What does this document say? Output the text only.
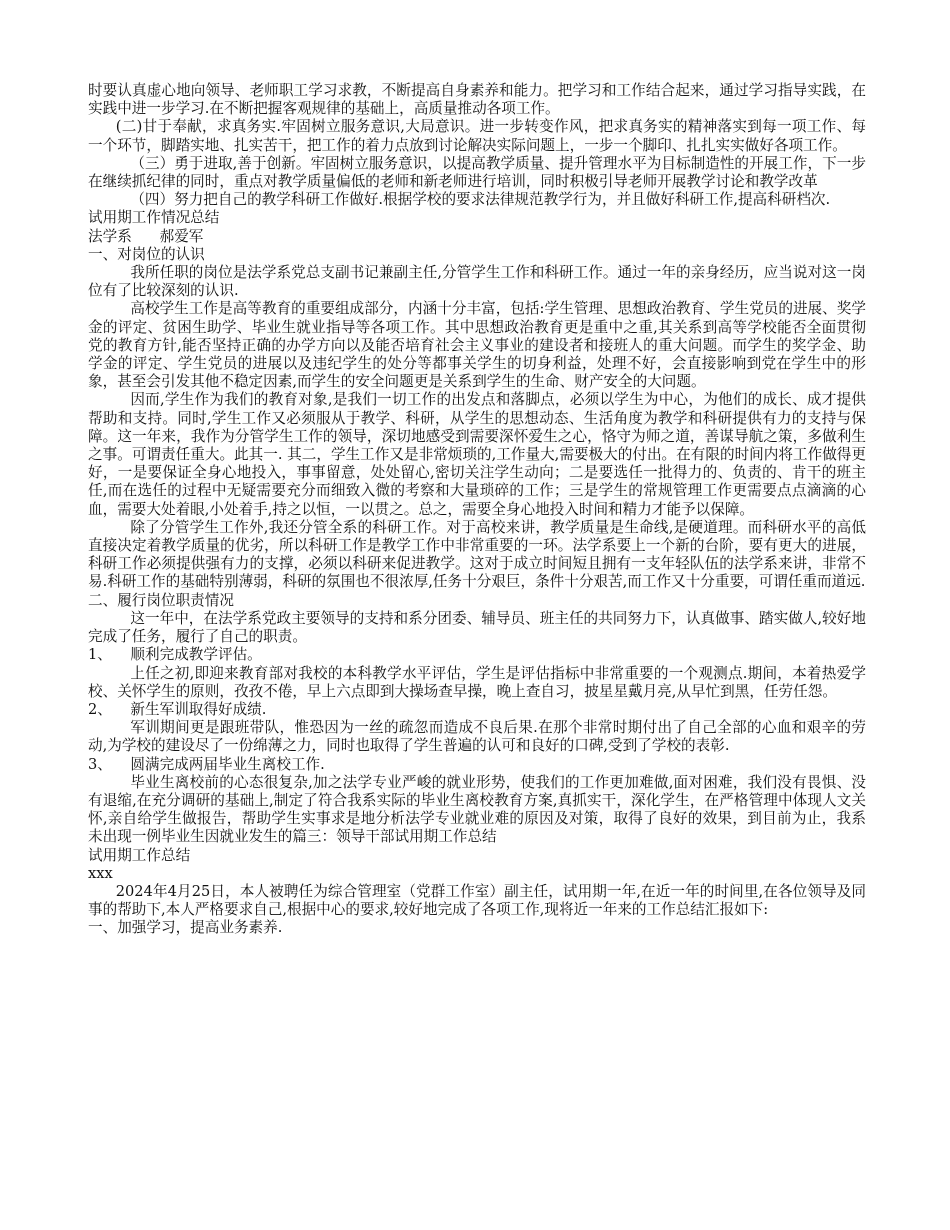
时要认真虚心地向领导、老师职工学习求教，不断提高自身素养和能力。把学习和工作结合起来，通过学习指导实践，在实践中进一步学习.在不断把握客观规律的基础上，高质量推动各项工作。

(二)甘于奉献，求真务实.牢固树立服务意识,大局意识。进一步转变作风，把求真务实的精神落实到每一项工作、每一个环节，脚踏实地、扎实苦干，把工作的着力点放到讨论解决实际问题上，一步一个脚印、扎扎实实做好各项工作。

（三）勇于进取,善于创新。牢固树立服务意识，以提高教学质量、提升管理水平为目标制造性的开展工作，下一步在继续抓纪律的同时，重点对教学质量偏低的老师和新老师进行培训，同时积极引导老师开展教学讨论和教学改革

（四）努力把自己的教学科研工作做好.根据学校的要求法律规范教学行为，并且做好科研工作,提高科研档次.

试用期工作情况总结

法学系      郝爱军

一、对岗位的认识

我所任职的岗位是法学系党总支副书记兼副主任,分管学生工作和科研工作。通过一年的亲身经历，应当说对这一岗位有了比较深刻的认识.

高校学生工作是高等教育的重要组成部分，内涵十分丰富，包括:学生管理、思想政治教育、学生党员的进展、奖学金的评定、贫困生助学、毕业生就业指导等各项工作。其中思想政治教育更是重中之重,其关系到高等学校能否全面贯彻党的教育方针,能否坚持正确的办学方向以及能否培育社会主义事业的建设者和接班人的重大问题。而学生的奖学金、助学金的评定、学生党员的进展以及违纪学生的处分等都事关学生的切身利益，处理不好，会直接影响到党在学生中的形象，甚至会引发其他不稳定因素,而学生的安全问题更是关系到学生的生命、财产安全的大问题。

因而,学生作为我们的教育对象,是我们一切工作的出发点和落脚点，必须以学生为中心，为他们的成长、成才提供帮助和支持。同时,学生工作又必须服从于教学、科研，从学生的思想动态、生活角度为教学和科研提供有力的支持与保障。这一年来，我作为分管学生工作的领导，深切地感受到需要深怀爱生之心，恪守为师之道，善谋导航之策，多做利生之事。可谓责任重大。此其一. 其二，学生工作又是非常烦琐的,工作量大,需要极大的付出。在有限的时间内将工作做得更好，一是要保证全身心地投入，事事留意，处处留心,密切关注学生动向；二是要选任一批得力的、负责的、肯干的班主任,而在选任的过程中无疑需要充分而细致入微的考察和大量琐碎的工作；三是学生的常规管理工作更需要点点滴滴的心血，需要大处着眼,小处着手,持之以恒，一以贯之。总之，需要全身心地投入时间和精力才能予以保障。

除了分管学生工作外,我还分管全系的科研工作。对于高校来讲，教学质量是生命线,是硬道理。而科研水平的高低直接决定着教学质量的优劣，所以科研工作是教学工作中非常重要的一环。法学系要上一个新的台阶，要有更大的进展，科研工作必须提供强有力的支撑，必须以科研来促进教学。这对于成立时间短且拥有一支年轻队伍的法学系来讲，非常不易.科研工作的基础特别薄弱，科研的氛围也不很浓厚,任务十分艰巨，条件十分艰苦,而工作又十分重要，可谓任重而道远.

二、履行岗位职责情况

这一年中，在法学系党政主要领导的支持和系分团委、辅导员、班主任的共同努力下，认真做事、踏实做人,较好地完成了任务，履行了自己的职责。

1、    顺利完成教学评估。

上任之初,即迎来教育部对我校的本科教学水平评估，学生是评估指标中非常重要的一个观测点.期间，本着热爱学校、关怀学生的原则，孜孜不倦，早上六点即到大操场查早操，晚上查自习，披星星戴月亮,从早忙到黑，任劳任怨。

2、    新生军训取得好成绩.

军训期间更是跟班带队，惟恐因为一丝的疏忽而造成不良后果.在那个非常时期付出了自己全部的心血和艰辛的劳动,为学校的建设尽了一份绵薄之力，同时也取得了学生普遍的认可和良好的口碑,受到了学校的表彰.

3、    圆满完成两届毕业生离校工作.

毕业生离校前的心态很复杂,加之法学专业严峻的就业形势，使我们的工作更加难做,面对困难，我们没有畏惧、没有退缩,在充分调研的基础上,制定了符合我系实际的毕业生离校教育方案,真抓实干，深化学生，在严格管理中体现人文关怀,亲自给学生做报告，帮助学生实事求是地分析法学专业就业难的原因及对策，取得了良好的效果，到目前为止，我系未出现一例毕业生因就业发生的篇三：领导干部试用期工作总结

试用期工作总结

xxx

2024年4月25日，本人被聘任为综合管理室（党群工作室）副主任，试用期一年,在近一年的时间里,在各位领导及同事的帮助下,本人严格要求自己,根据中心的要求,较好地完成了各项工作,现将近一年来的工作总结汇报如下:

一、加强学习，提高业务素养.
